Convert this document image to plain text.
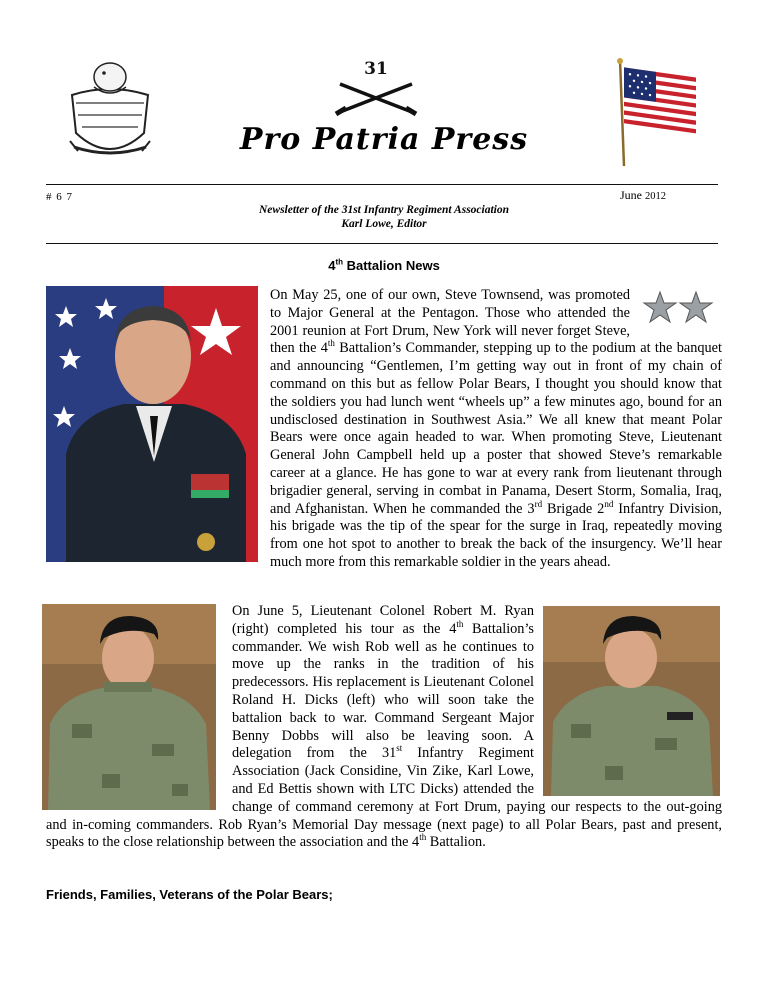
31
Pro Patria Press
# 6 7	June 2012
Newsletter of the 31st Infantry Regiment Association
Karl Lowe, Editor
4th Battalion News
On May 25, one of our own, Steve Townsend, was promoted to Major General at the Pentagon. Those who attended the 2001 reunion at Fort Drum, New York will never forget Steve, then the 4th Battalion’s Commander, stepping up to the podium at the banquet and announcing “Gentlemen, I’m getting way out in front of my chain of command on this but as fellow Polar Bears, I thought you should know that the soldiers you had lunch went “wheels up” a few minutes ago, bound for an undisclosed destination in Southwest Asia.” We all knew that meant Polar Bears were once again headed to war. When promoting Steve, Lieutenant General John Campbell held up a poster that showed Steve’s remarkable career at a glance. He has gone to war at every rank from lieutenant through brigadier general, serving in combat in Panama, Desert Storm, Somalia, Iraq, and Afghanistan. When he commanded the 3rd Brigade 2nd Infantry Division, his brigade was the tip of the spear for the surge in Iraq, repeatedly moving from one hot spot to another to break the back of the insurgency. We’ll hear much more from this remarkable soldier in the years ahead.
On June 5, Lieutenant Colonel Robert M. Ryan (right) completed his tour as the 4th Battalion’s commander. We wish Rob well as he continues to move up the ranks in the tradition of his predecessors. His replacement is Lieutenant Colonel Roland H. Dicks (left) who will soon take the battalion back to war. Command Sergeant Major Benny Dobbs will also be leaving soon. A delegation from the 31st Infantry Regiment Association (Jack Considine, Vin Zike, Karl Lowe, and Ed Bettis shown with LTC Dicks) attended the change of command ceremony at Fort Drum, paying our respects to the out-going and in-coming commanders. Rob Ryan’s Memorial Day message (next page) to all Polar Bears, past and present, speaks to the close relationship between the association and the 4th Battalion.
Friends, Families, Veterans of the Polar Bears;
